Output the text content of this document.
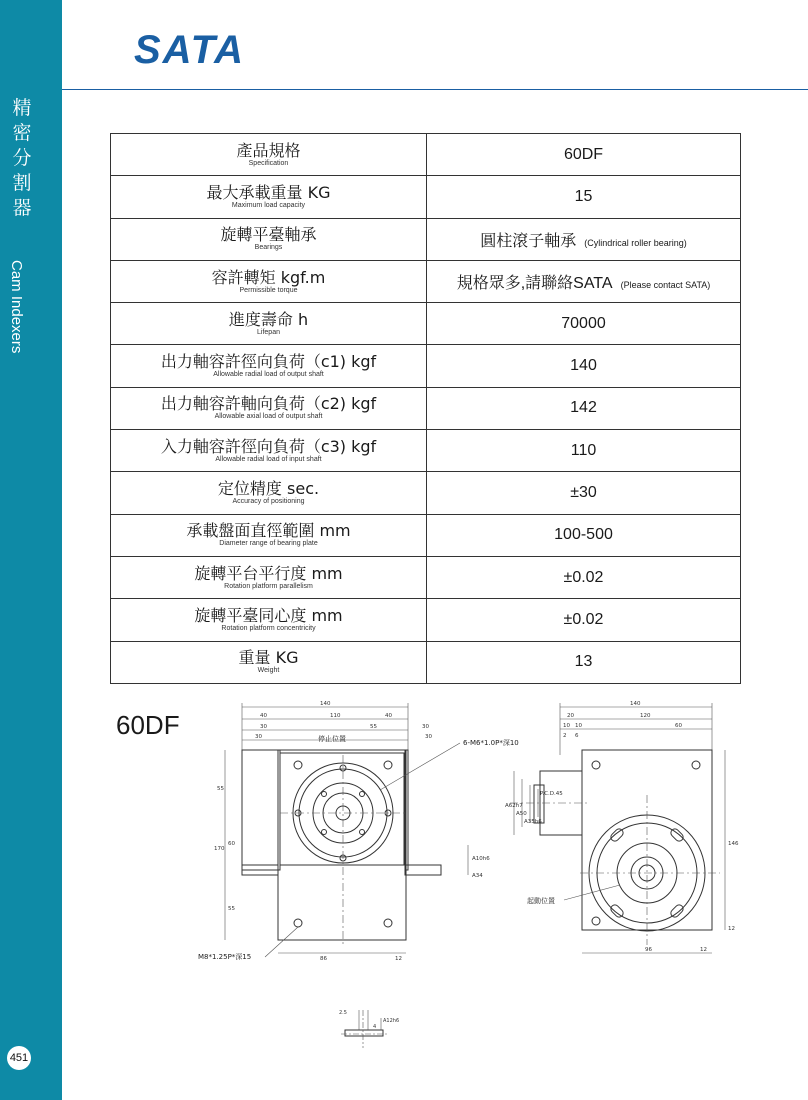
精
密
分
割
器
Cam Indexers
451
SATA
產品規格
Specification	60DF

最大承載重量 KG
Maximum load capacity	15

旋轉平臺軸承
Bearings	圓柱滾子軸承 (Cylindrical roller bearing)

容許轉矩 kgf.m
Permissible torque	規格眾多,請聯絡SATA (Please contact SATA)

進度壽命 h
Lifepan	70000

出力軸容許徑向負荷（c1) kgf
Allowable radial load of output shaft	140

出力軸容許軸向負荷（c2) kgf
Allowable axial load of output shaft	142

入力軸容許徑向負荷（c3) kgf
Allowable radial load of input shaft	110

定位精度 sec.
Accuracy of positioning	±30

承載盤面直徑範圍 mm
Diameter range of bearing plate	100-500

旋轉平台平行度 mm
Rotation platform parallelism	±0.02

旋轉平臺同心度 mm
Rotation platform concentricity	±0.02

重量 KG
Weight	13
60DF
140
40	110	40
30	55
30
30
30
86	12
55
170
60
55
A10h6
A34
停止位置	6-M6*1.0P*深10
M8*1.25P*深15
140
20	120
10 10	60
2 6
A62h7
A50
A35h6
P.C.D.45
146
12
96	12
起動位置
2.5
A12h6
4
